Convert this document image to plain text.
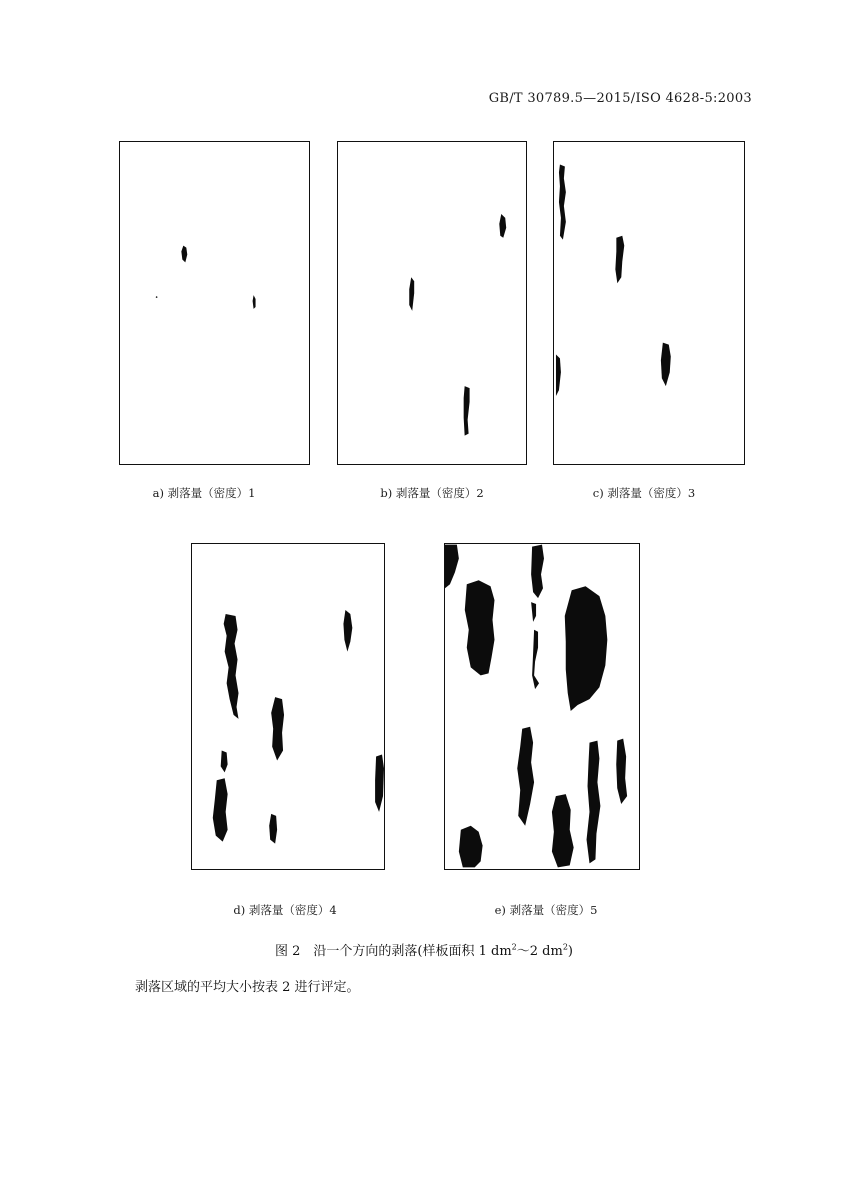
GB/T 30789.5—2015/ISO 4628-5:2003
a) 剥落量（密度）1	b) 剥落量（密度）2	c) 剥落量（密度）3
d) 剥落量（密度）4	e) 剥落量（密度）5
图 2　沿一个方向的剥落(样板面积 1 $dm^2\sim 2$ $dm^2$)
剥落区域的平均大小按表 2 进行评定。
